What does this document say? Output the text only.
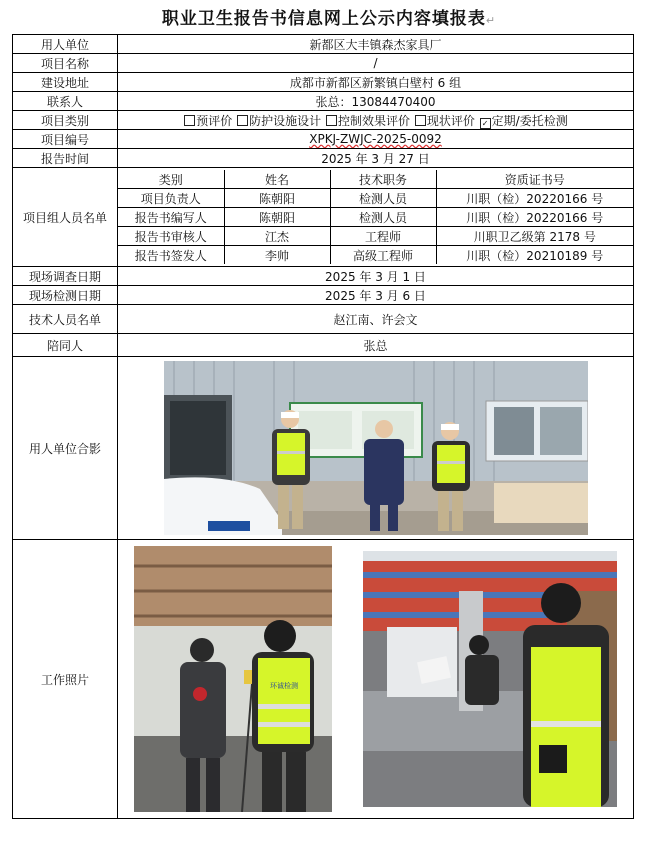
职业卫生报告书信息网上公示内容填报表↵
用人单位	新都区大丰镇森杰家具厂
项目名称	/
建设地址	成都市新都区新繁镇白壁村 6 组
联系人	张总：13084470400
项目类别	预评价 防护设施设计 控制效果评价 现状评价 ✓ 定期/委托检测
项目编号	XPKJ-ZWJC-2025-0092
报告时间	2025 年 3 月 27 日
项目组人员名单	
类别	姓名	技术职务	资质证书号
项目负责人	陈朝阳	检测人员	川职（检）20220166 号
报告书编写人	陈朝阳	检测人员	川职（检）20220166 号
报告书审核人	江杰	工程师	川职卫乙级第 2178 号
报告书签发人	李帅	高级工程师	川职（检）20210189 号

现场调查日期	2025 年 3 月 1 日
现场检测日期	2025 年 3 月 6 日
技术人员名单	赵江南、许会文
陪同人	张总
用人单位合影	

工作照片	环诚检测
